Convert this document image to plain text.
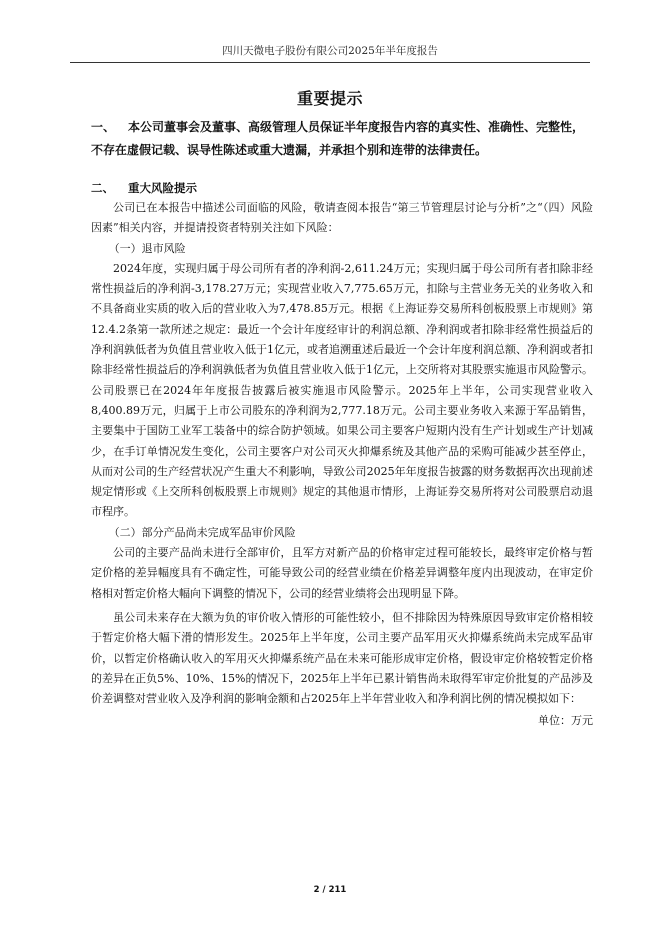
四川天微电子股份有限公司2025年半年度报告
重要提示

一、 本公司董事会及董事、高级管理人员保证半年度报告内容的真实性、准确性、完整性，不存在虚假记载、误导性陈述或重大遗漏，并承担个别和连带的法律责任。

二、 重大风险提示

公司已在本报告中描述公司面临的风险，敬请查阅本报告“第三节管理层讨论与分析”之“（四）风险因素”相关内容，并提请投资者特别关注如下风险：

（一）退市风险

2024年度，实现归属于母公司所有者的净利润-2,611.24万元；实现归属于母公司所有者扣除非经常性损益后的净利润-3,178.27万元；实现营业收入7,775.65万元，扣除与主营业务无关的业务收入和不具备商业实质的收入后的营业收入为7,478.85万元。根据《上海证券交易所科创板股票上市规则》第12.4.2条第一款所述之规定：最近一个会计年度经审计的利润总额、净利润或者扣除非经常性损益后的净利润孰低者为负值且营业收入低于1亿元，或者追溯重述后最近一个会计年度利润总额、净利润或者扣除非经常性损益后的净利润孰低者为负值且营业收入低于1亿元，上交所将对其股票实施退市风险警示。公司股票已在2024年年度报告披露后被实施退市风险警示。2025年上半年，公司实现营业收入8,400.89万元，归属于上市公司股东的净利润为2,777.18万元。公司主要业务收入来源于军品销售，主要集中于国防工业军工装备中的综合防护领域。如果公司主要客户短期内没有生产计划或生产计划减少，在手订单情况发生变化，公司主要客户对公司灭火抑爆系统及其他产品的采购可能减少甚至停止，从而对公司的生产经营状况产生重大不利影响，导致公司2025年年度报告披露的财务数据再次出现前述规定情形或《上交所科创板股票上市规则》规定的其他退市情形，上海证券交易所将对公司股票启动退市程序。

（二）部分产品尚未完成军品审价风险

公司的主要产品尚未进行全部审价，且军方对新产品的价格审定过程可能较长，最终审定价格与暂定价格的差异幅度具有不确定性，可能导致公司的经营业绩在价格差异调整年度内出现波动，在审定价格相对暂定价格大幅向下调整的情况下，公司的经营业绩将会出现明显下降。

虽公司未来存在大额为负的审价收入情形的可能性较小，但不排除因为特殊原因导致审定价格相较于暂定价格大幅下滑的情形发生。2025年上半年度，公司主要产品军用灭火抑爆系统尚未完成军品审价，以暂定价格确认收入的军用灭火抑爆系统产品在未来可能形成审定价格，假设审定价格较暂定价格的差异在正负5%、10%、15%的情况下，2025年上半年已累计销售尚未取得军审定价批复的产品涉及价差调整对营业收入及净利润的影响金额和占2025年上半年营业收入和净利润比例的情况模拟如下：

单位：万元

2 / 211
